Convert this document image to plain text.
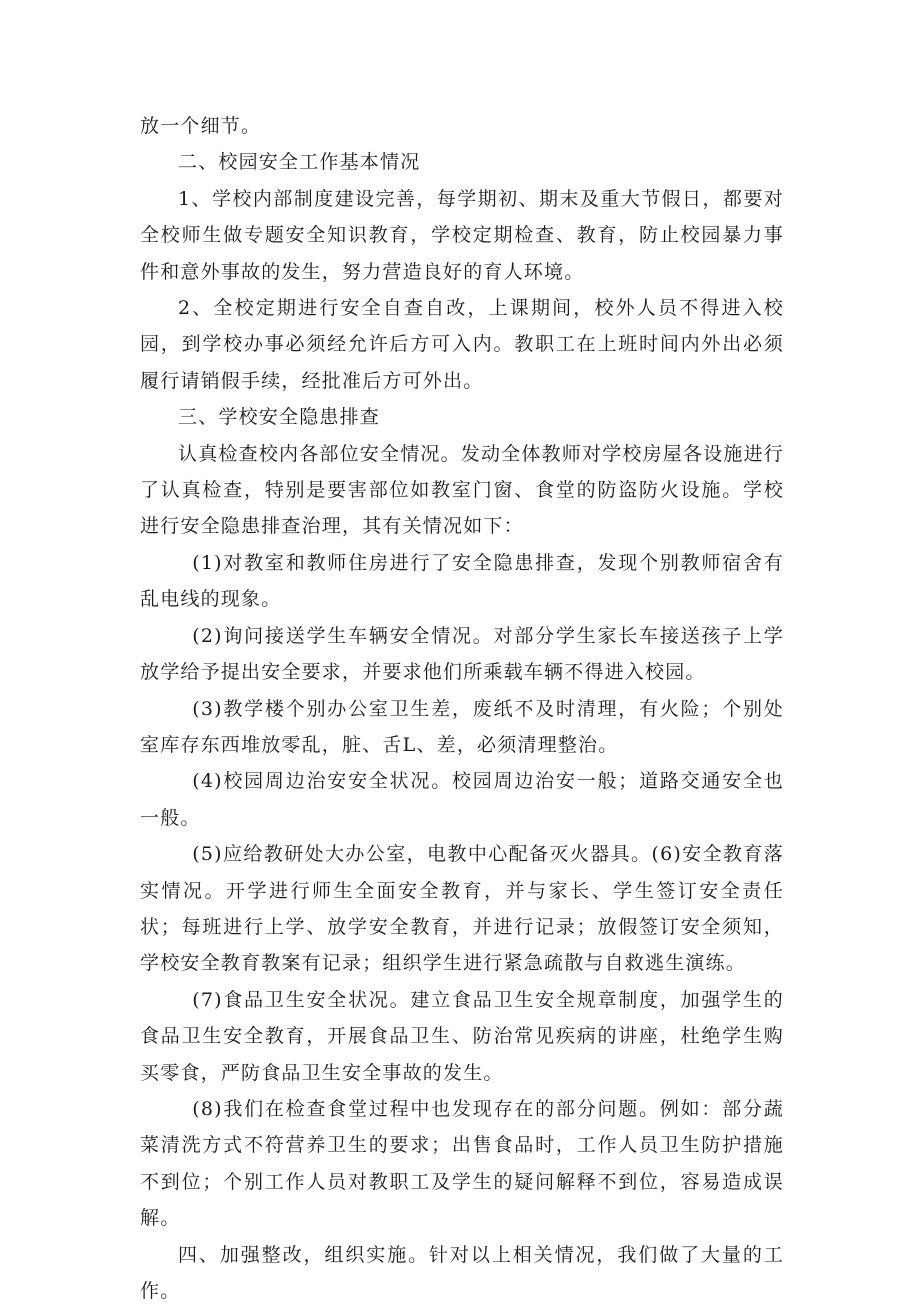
放一个细节。

二、校园安全工作基本情况

1、学校内部制度建设完善，每学期初、期末及重大节假日，都要对全校师生做专题安全知识教育，学校定期检查、教育，防止校园暴力事件和意外事故的发生，努力营造良好的育人环境。

2、全校定期进行安全自查自改，上课期间，校外人员不得进入校园，到学校办事必须经允许后方可入内。教职工在上班时间内外出必须履行请销假手续，经批准后方可外出。

三、学校安全隐患排查

认真检查校内各部位安全情况。发动全体教师对学校房屋各设施进行了认真检查，特别是要害部位如教室门窗、食堂的防盗防火设施。学校进行安全隐患排查治理，其有关情况如下：

(1)对教室和教师住房进行了安全隐患排查，发现个别教师宿舍有乱电线的现象。

(2)询问接送学生车辆安全情况。对部分学生家长车接送孩子上学放学给予提出安全要求，并要求他们所乘载车辆不得进入校园。

(3)教学楼个别办公室卫生差，废纸不及时清理，有火险；个别处室库存东西堆放零乱，脏、舌L、差，必须清理整治。

(4)校园周边治安安全状况。校园周边治安一般；道路交通安全也一般。

(5)应给教研处大办公室，电教中心配备灭火器具。(6)安全教育落实情况。开学进行师生全面安全教育，并与家长、学生签订安全责任状；每班进行上学、放学安全教育，并进行记录；放假签订安全须知，学校安全教育教案有记录；组织学生进行紧急疏散与自救逃生演练。

(7)食品卫生安全状况。建立食品卫生安全规章制度，加强学生的食品卫生安全教育，开展食品卫生、防治常见疾病的讲座，杜绝学生购买零食，严防食品卫生安全事故的发生。

(8)我们在检查食堂过程中也发现存在的部分问题。例如：部分蔬菜清洗方式不符营养卫生的要求；出售食品时，工作人员卫生防护措施不到位；个别工作人员对教职工及学生的疑问解释不到位，容易造成误解。

四、加强整改，组织实施。针对以上相关情况，我们做了大量的工作。
